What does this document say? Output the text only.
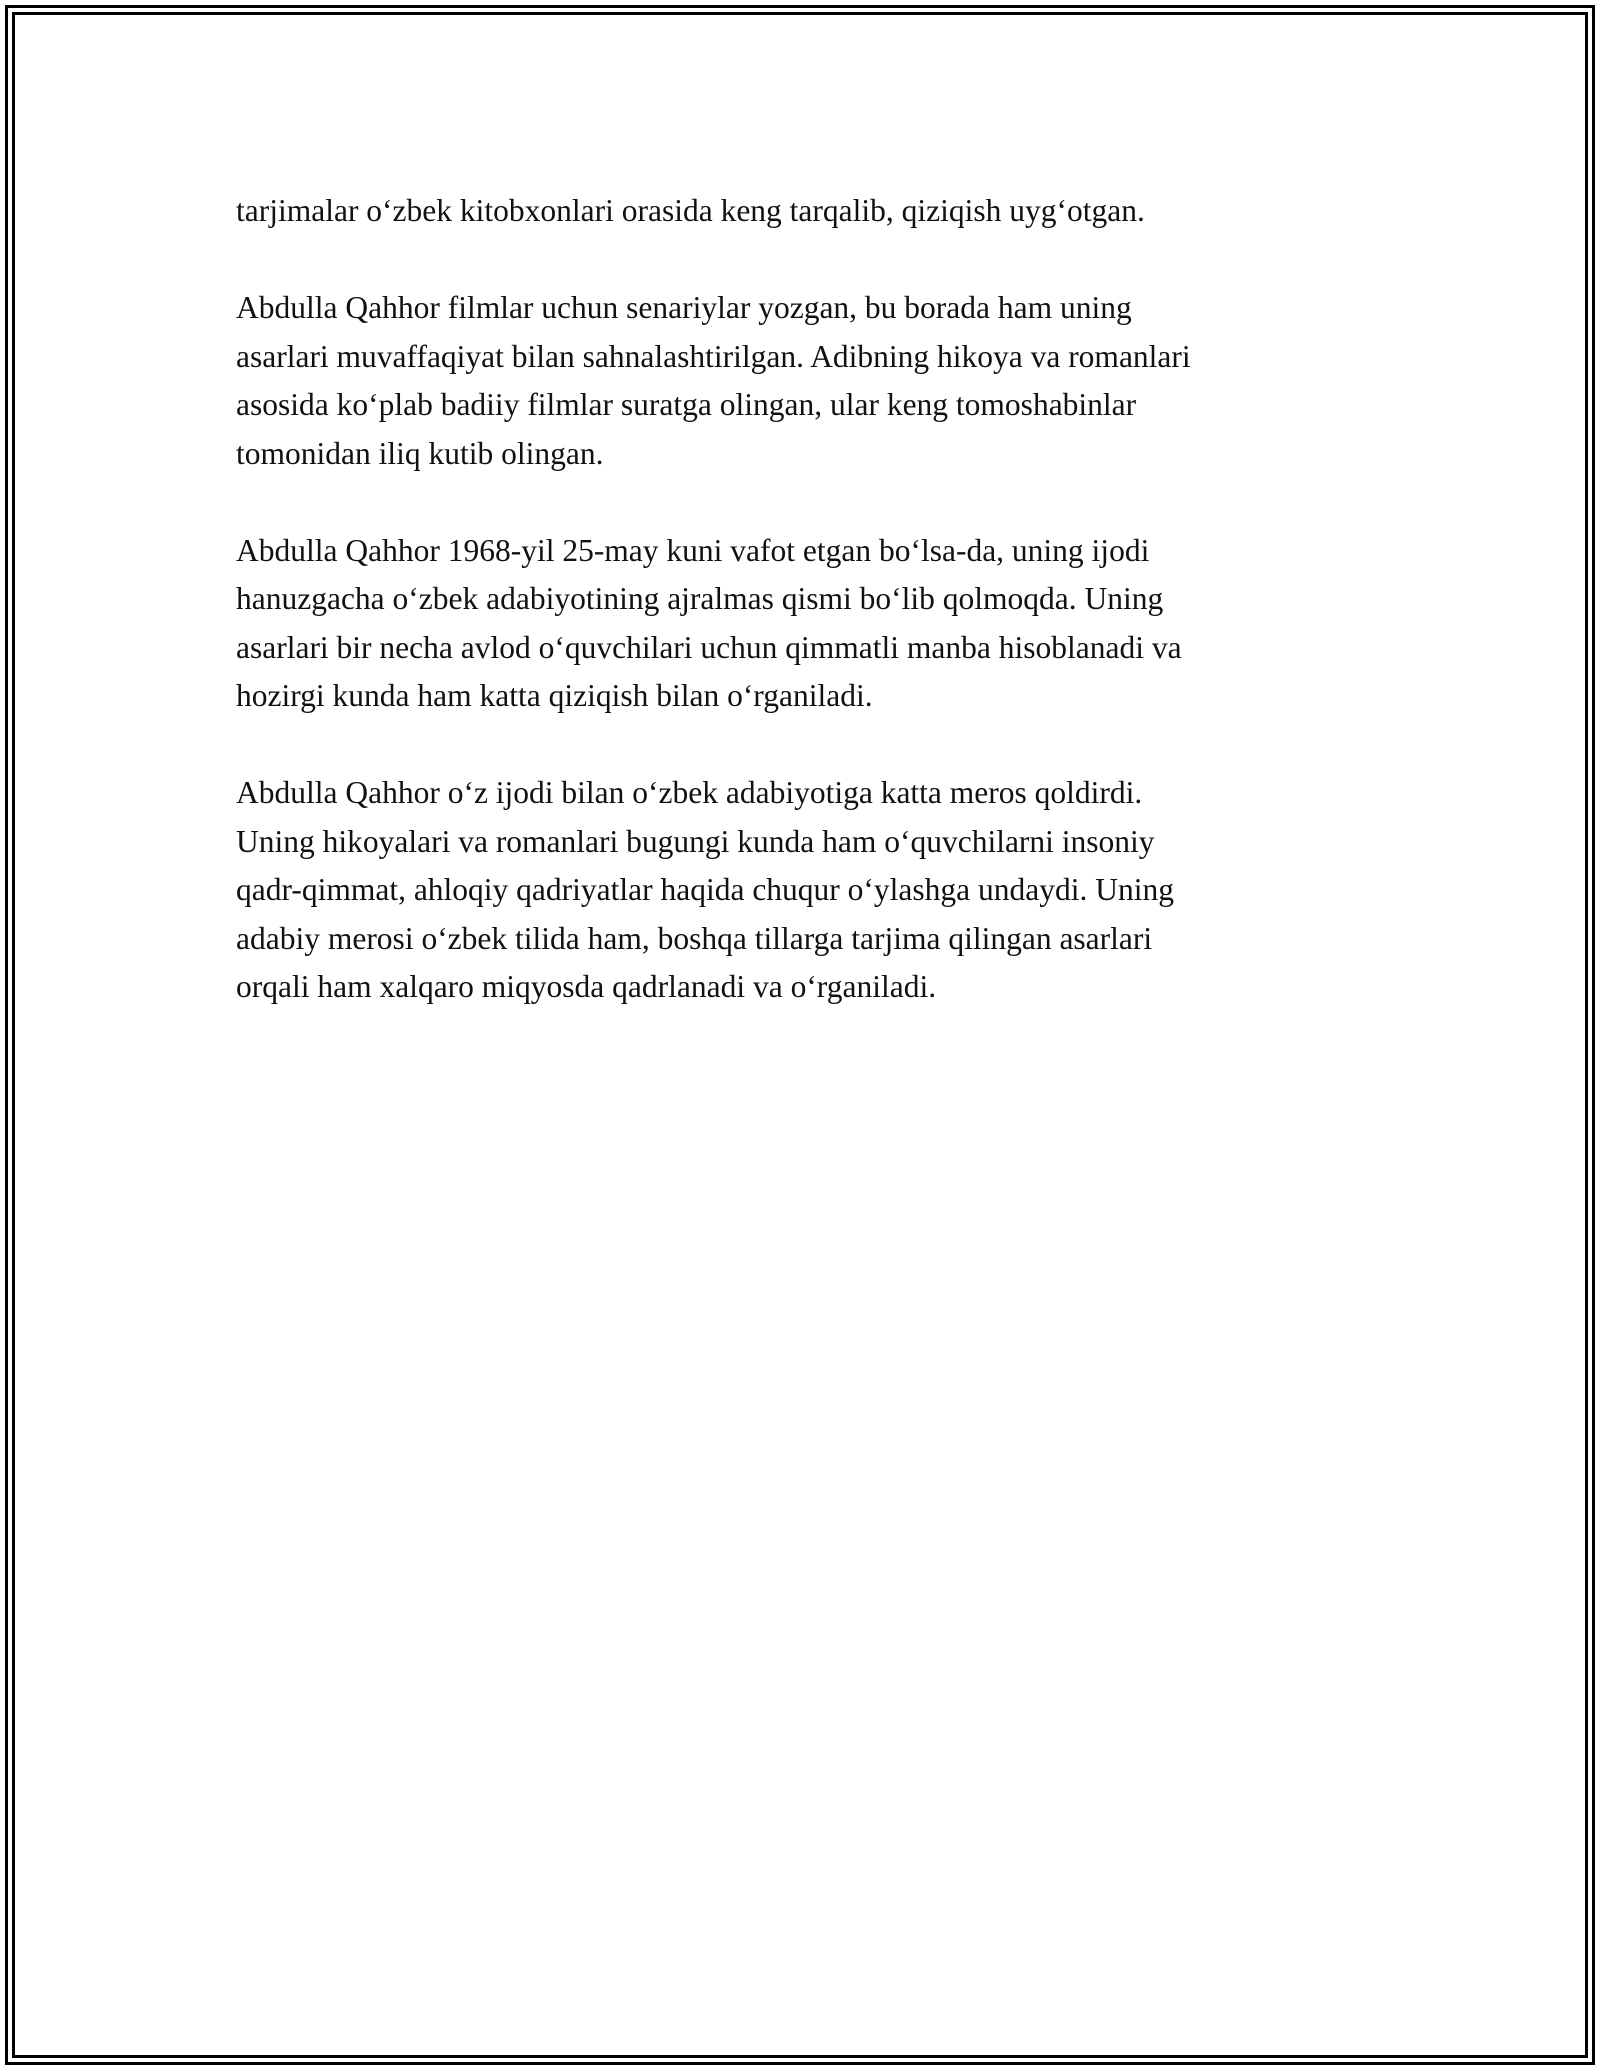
tarjimalar o‘zbek kitobxonlari orasida keng tarqalib, qiziqish uyg‘otgan.

Abdulla Qahhor filmlar uchun senariylar yozgan, bu borada ham uning
asarlari muvaffaqiyat bilan sahnalashtirilgan. Adibning hikoya va romanlari
asosida ko‘plab badiiy filmlar suratga olingan, ular keng tomoshabinlar
tomonidan iliq kutib olingan.

Abdulla Qahhor 1968-yil 25-may kuni vafot etgan bo‘lsa-da, uning ijodi
hanuzgacha o‘zbek adabiyotining ajralmas qismi bo‘lib qolmoqda. Uning
asarlari bir necha avlod o‘quvchilari uchun qimmatli manba hisoblanadi va
hozirgi kunda ham katta qiziqish bilan o‘rganiladi.

Abdulla Qahhor o‘z ijodi bilan o‘zbek adabiyotiga katta meros qoldirdi.
Uning hikoyalari va romanlari bugungi kunda ham o‘quvchilarni insoniy
qadr-qimmat, ahloqiy qadriyatlar haqida chuqur o‘ylashga undaydi. Uning
adabiy merosi o‘zbek tilida ham, boshqa tillarga tarjima qilingan asarlari
orqali ham xalqaro miqyosda qadrlanadi va o‘rganiladi.
